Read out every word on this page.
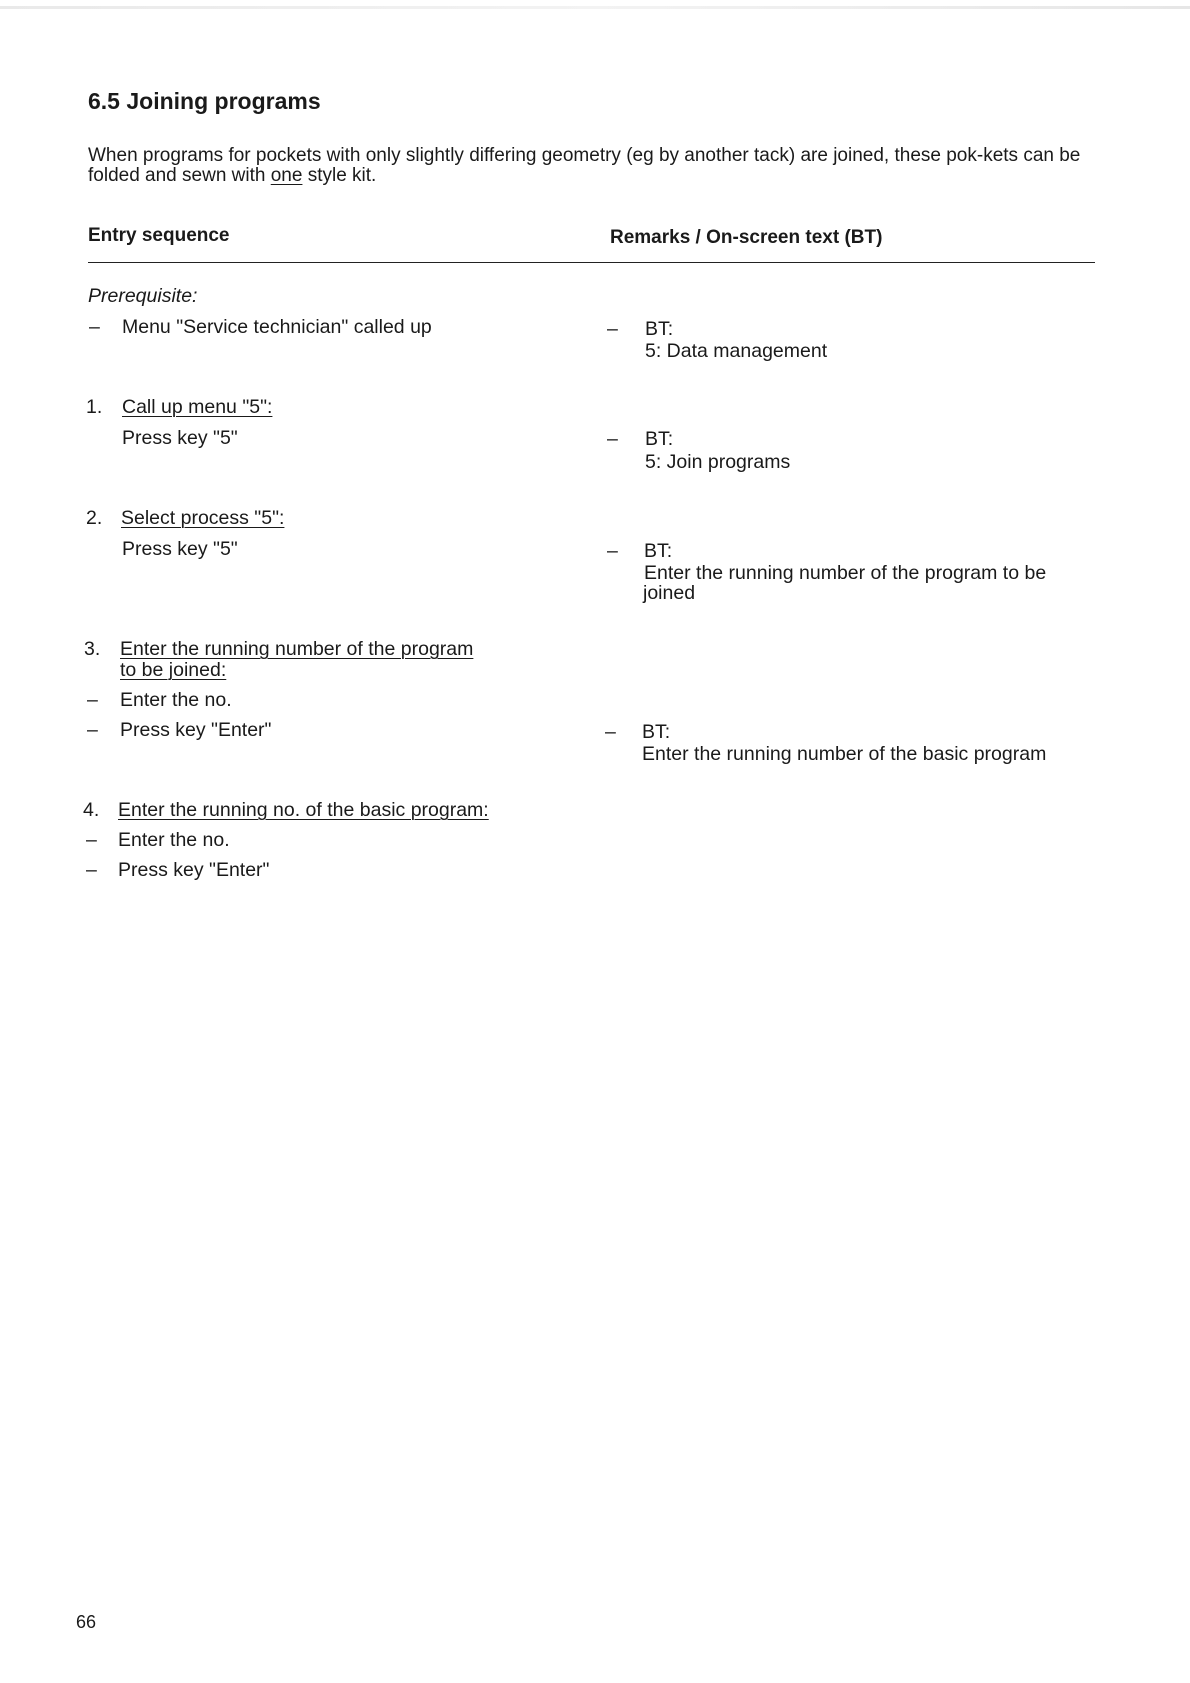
6.5 Joining programs
When programs for pockets with only slightly differing geometry (eg by another tack) are joined, these pok-kets can be folded and sewn with one style kit.
Entry sequence	Remarks / On-screen text (BT)
Prerequisite:
– Menu "Service technician" called up	– BT:
5: Data management
1. Call up menu "5":
Press key "5"	– BT:
5: Join programs
2. Select process "5":
Press key "5"	– BT:
Enter the running number of the program to be
joined
3. Enter the running number of the program
to be joined:
– Enter the no.
– Press key "Enter"	– BT:
Enter the running number of the basic program
4. Enter the running no. of the basic program:
– Enter the no.
– Press key "Enter"
66
